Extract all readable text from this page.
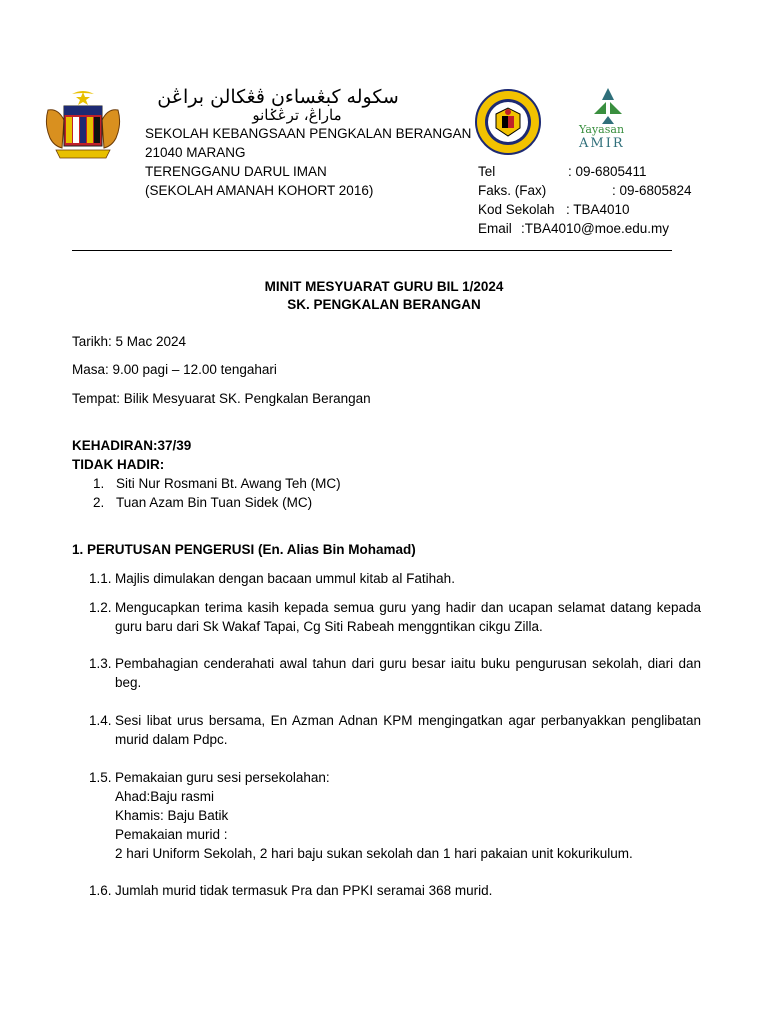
سکوله کبڠساءن ڤڠکالن براڠن
ماراڠ، ترڠݢانو
SEKOLAH KEBANGSAAN PENGKALAN BERANGAN
21040 MARANG
TERENGGANU DARUL IMAN
(SEKOLAH AMANAH KOHORT 2016)
Yayasan
AMIR
Tel	: 09-6805411
Faks. (Fax)	: 09-6805824
Kod Sekolah : TBA4010
Email :TBA4010@moe.edu.my
MINIT MESYUARAT GURU BIL 1/2024
SK. PENGKALAN BERANGAN
Tarikh: 5 Mac 2024
Masa: 9.00 pagi – 12.00 tengahari
Tempat: Bilik Mesyuarat SK. Pengkalan Berangan
KEHADIRAN:37/39
TIDAK HADIR:
1. Siti Nur Rosmani Bt. Awang Teh (MC)
2. Tuan Azam Bin Tuan Sidek (MC)
1. PERUTUSAN PENGERUSI (En. Alias Bin Mohamad)
1.1. Majlis dimulakan dengan bacaan ummul kitab al Fatihah.
1.2. Mengucapkan terima kasih kepada semua guru yang hadir dan ucapan selamat datang kepada guru baru dari Sk Wakaf Tapai, Cg Siti Rabeah menggntikan cikgu Zilla.
1.3. Pembahagian cenderahati awal tahun dari guru besar iaitu buku pengurusan sekolah, diari dan beg.
1.4. Sesi libat urus bersama, En Azman Adnan KPM mengingatkan agar perbanyakkan penglibatan murid dalam Pdpc.
1.5. Pemakaian guru sesi persekolahan:
Ahad:Baju rasmi
Khamis: Baju Batik
Pemakaian murid :
2 hari Uniform Sekolah, 2 hari baju sukan sekolah dan 1 hari pakaian unit kokurikulum.
1.6. Jumlah murid tidak termasuk Pra dan PPKI seramai 368 murid.
